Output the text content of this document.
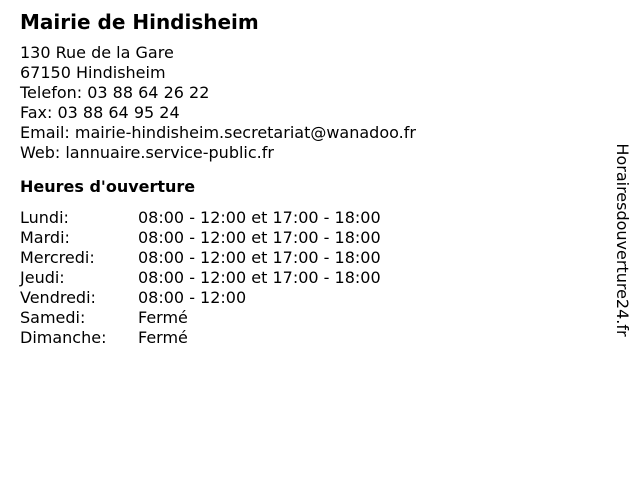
Mairie de Hindisheim
130 Rue de la Gare
67150 Hindisheim
Telefon: 03 88 64 26 22
Fax: 03 88 64 95 24
Email: mairie-hindisheim.secretariat@wanadoo.fr
Web: lannuaire.service-public.fr
Heures d'ouverture
Lundi:	08:00 - 12:00 et 17:00 - 18:00
Mardi:	08:00 - 12:00 et 17:00 - 18:00
Mercredi:	08:00 - 12:00 et 17:00 - 18:00
Jeudi:	08:00 - 12:00 et 17:00 - 18:00
Vendredi:	08:00 - 12:00
Samedi:	Fermé
Dimanche:	Fermé
Horairesdouverture24.fr
